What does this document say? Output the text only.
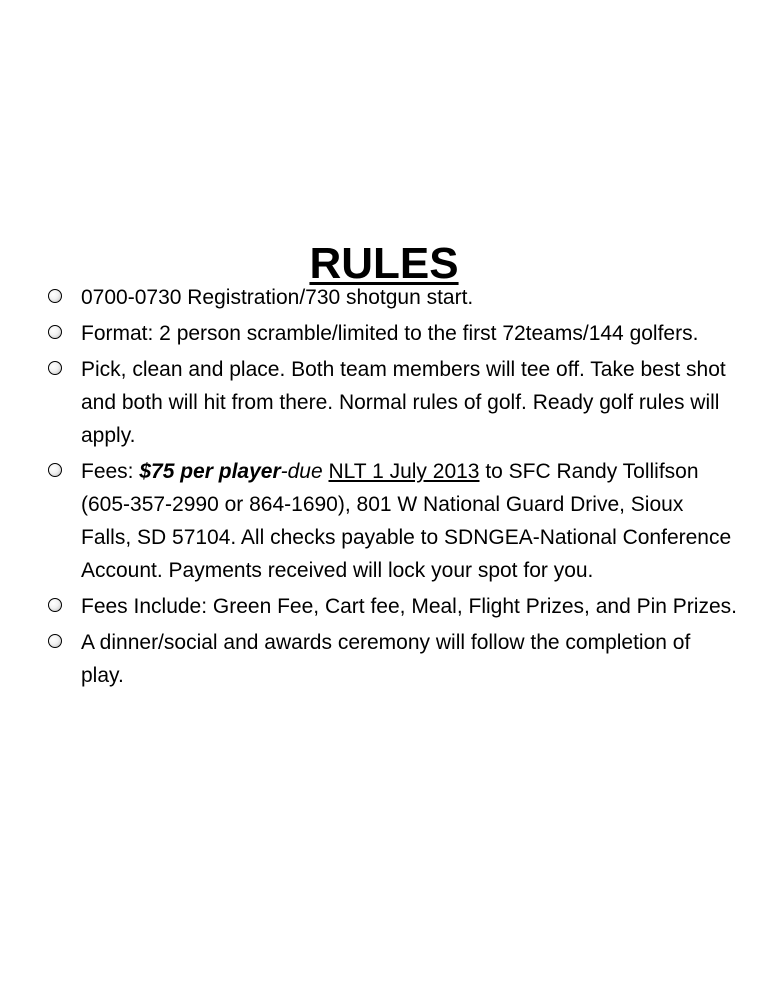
RULES
0700-0730 Registration/730 shotgun start.
Format: 2 person scramble/limited to the first 72teams/144 golfers.
Pick, clean and place. Both team members will tee off. Take best shot and both will hit from there. Normal rules of golf. Ready golf rules will apply.
Fees: $75 per player-due NLT 1 July 2013 to SFC Randy Tollifson (605-357-2990 or 864-1690), 801 W National Guard Drive, Sioux Falls, SD 57104. All checks payable to SDNGEA-National Conference Account. Payments received will lock your spot for you.
Fees Include: Green Fee, Cart fee, Meal, Flight Prizes, and Pin Prizes.
A dinner/social and awards ceremony will follow the completion of play.
